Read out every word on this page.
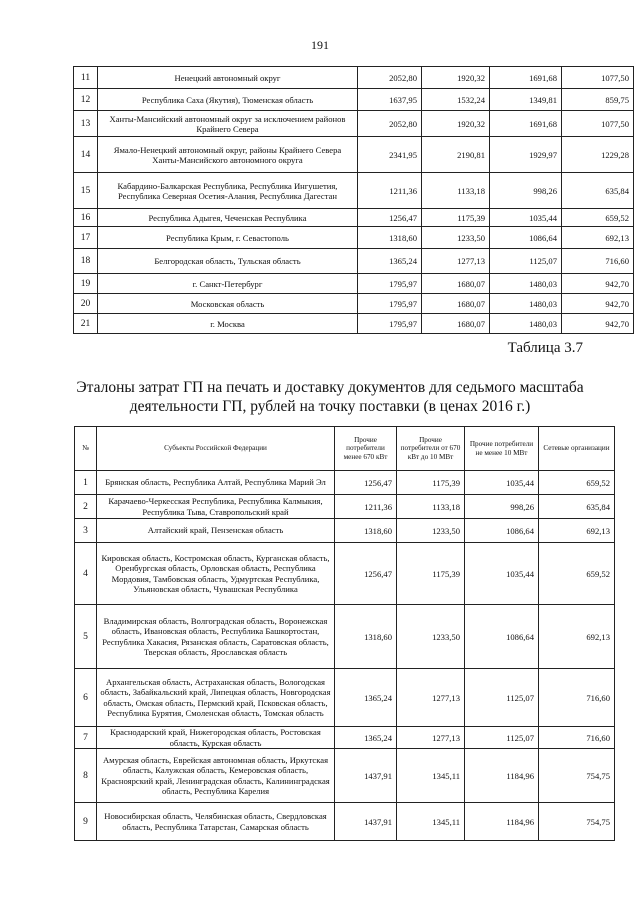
191
11	Ненецкий автономный округ	2052,80	1920,32	1691,68	1077,50
12	Республика Саха (Якутия), Тюменская область	1637,95	1532,24	1349,81	859,75
13	Ханты-Мансийский автономный округ за исключением районов Крайнего Севера	2052,80	1920,32	1691,68	1077,50
14	Ямало-Ненецкий автономный округ, районы Крайнего Севера Ханты-Мансийского автономного округа	2341,95	2190,81	1929,97	1229,28
15	Кабардино-Балкарская Республика, Республика Ингушетия, Республика Северная Осетия-Алания, Республика Дагестан	1211,36	1133,18	998,26	635,84
16	Республика Адыгея, Чеченская Республика	1256,47	1175,39	1035,44	659,52
17	Республика Крым, г. Севастополь	1318,60	1233,50	1086,64	692,13
18	Белгородская область, Тульская область	1365,24	1277,13	1125,07	716,60
19	г. Санкт-Петербург	1795,97	1680,07	1480,03	942,70
20	Московская область	1795,97	1680,07	1480,03	942,70
21	г. Москва	1795,97	1680,07	1480,03	942,70
Таблица 3.7
Эталоны затрат ГП на печать и доставку документов для седьмого масштаба деятельности ГП, рублей на точку поставки (в ценах 2016 г.)
№	Субъекты Российской Федерации	Прочие потребители менее 670 кВт	Прочие потребители от 670 кВт до 10 МВт	Прочие потребители не менее 10 МВт	Сетевые организации
1	Брянская область, Республика Алтай, Республика Марий Эл	1256,47	1175,39	1035,44	659,52
2	Карачаево-Черкесская Республика, Республика Калмыкия, Республика Тыва, Ставропольский край	1211,36	1133,18	998,26	635,84
3	Алтайский край, Пензенская область	1318,60	1233,50	1086,64	692,13
4	Кировская область, Костромская область, Курганская область, Оренбургская область, Орловская область, Республика Мордовия, Тамбовская область, Удмуртская Республика, Ульяновская область, Чувашская Республика	1256,47	1175,39	1035,44	659,52
5	Владимирская область, Волгоградская область, Воронежская область, Ивановская область, Республика Башкортостан, Республика Хакасия, Рязанская область, Саратовская область, Тверская область, Ярославская область	1318,60	1233,50	1086,64	692,13
6	Архангельская область, Астраханская область, Вологодская область, Забайкальский край, Липецкая область, Новгородская область, Омская область, Пермский край, Псковская область, Республика Бурятия, Смоленская область, Томская область	1365,24	1277,13	1125,07	716,60
7	Краснодарский край, Нижегородская область, Ростовская область, Курская область	1365,24	1277,13	1125,07	716,60
8	Амурская область, Еврейская автономная область, Иркутская область, Калужская область, Кемеровская область, Красноярский край, Ленинградская область, Калининградская область, Республика Карелия	1437,91	1345,11	1184,96	754,75
9	Новосибирская область, Челябинская область, Свердловская область, Республика Татарстан, Самарская область	1437,91	1345,11	1184,96	754,75
